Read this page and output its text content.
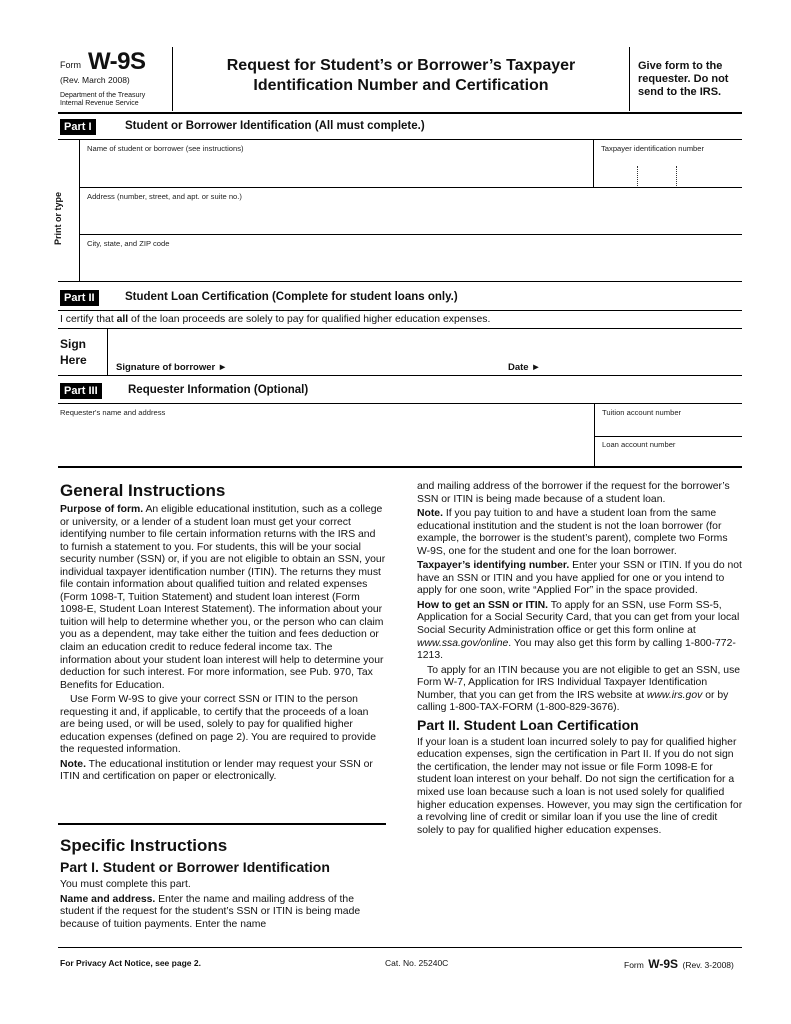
Form W-9S
(Rev. March 2008)
Department of the Treasury
Internal Revenue Service
Request for Student’s or Borrower’s Taxpayer
Identification Number and Certification
Give form to the
requester. Do not
send to the IRS.
Part I	Student or Borrower Identification (All must complete.)
Print or type
Name of student or borrower (see instructions)	Taxpayer identification number
Address (number, street, and apt. or suite no.)
City, state, and ZIP code
Part II	Student Loan Certification (Complete for student loans only.)
I certify that all of the loan proceeds are solely to pay for qualified higher education expenses.
Sign
Here
Signature of borrower ►	Date ►
Part III	Requester Information (Optional)
Requester's name and address	Tuition account number
Loan account number
General Instructions

Purpose of form. An eligible educational institution, such as a college or university, or a lender of a student loan must get your correct identifying number to file certain information returns with the IRS and to furnish a statement to you. For students, this will be your social security number (SSN) or, if you are not eligible to obtain an SSN, your individual taxpayer identification number (ITIN). The returns they must file contain information about qualified tuition and related expenses (Form 1098-T, Tuition Statement) and student loan interest (Form 1098-E, Student Loan Interest Statement). The information about your tuition will help to determine whether you, or the person who can claim you as a dependent, may take either the tuition and fees deduction or claim an education credit to reduce federal income tax. The information about your student loan interest will help to determine your deduction for such interest. For more information, see Pub. 970, Tax Benefits for Education.

Use Form W-9S to give your correct SSN or ITIN to the person requesting it and, if applicable, to certify that the proceeds of a loan are being used, or will be used, solely to pay for qualified higher education expenses (defined on page 2). You are required to provide the requested information.

Note. The educational institution or lender may request your SSN or ITIN and certification on paper or electronically.

Specific Instructions
Part I. Student or Borrower Identification

You must complete this part.

Name and address. Enter the name and mailing address of the student if the request for the student’s SSN or ITIN is being made because of tuition payments. Enter the name

and mailing address of the borrower if the request for the borrower’s SSN or ITIN is being made because of a student loan.

Note. If you pay tuition to and have a student loan from the same educational institution and the student is not the loan borrower (for example, the borrower is the student’s parent), complete two Forms W-9S, one for the student and one for the loan borrower.

Taxpayer’s identifying number. Enter your SSN or ITIN. If you do not have an SSN or ITIN and you have applied for one or you intend to apply for one soon, write “Applied For” in the space provided.

How to get an SSN or ITIN. To apply for an SSN, use Form SS-5, Application for a Social Security Card, that you can get from your local Social Security Administration office or get this form online at www.ssa.gov/online. You may also get this form by calling 1-800-772-1213.

To apply for an ITIN because you are not eligible to get an SSN, use Form W-7, Application for IRS Individual Taxpayer Identification Number, that you can get from the IRS website at www.irs.gov or by calling 1-800-TAX-FORM (1-800-829-3676).

Part II. Student Loan Certification

If your loan is a student loan incurred solely to pay for qualified higher education expenses, sign the certification in Part II. If you do not sign the certification, the lender may not issue or file Form 1098-E for student loan interest on your behalf. Do not sign the certification for a mixed use loan because such a loan is not used solely for qualified higher education expenses. However, you may sign the certification for a revolving line of credit or similar loan if you use the line of credit solely to pay for qualified higher education expenses.

For Privacy Act Notice, see page 2.	Cat. No. 25240C	Form W-9S (Rev. 3-2008)
